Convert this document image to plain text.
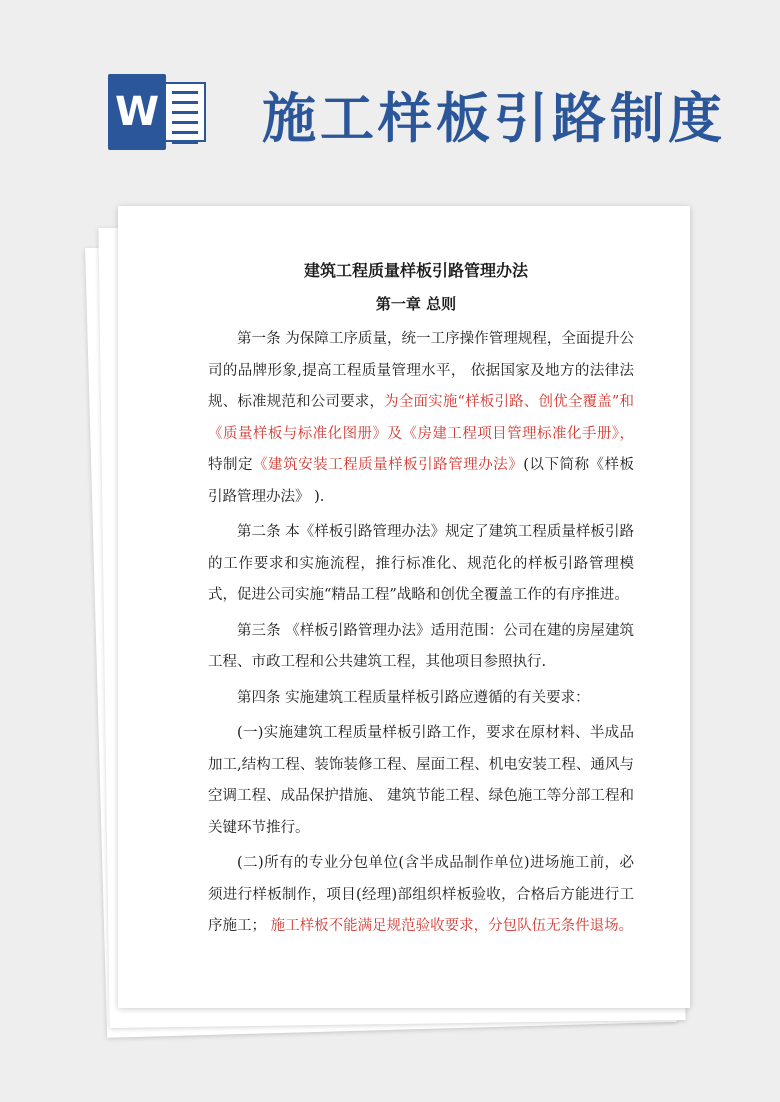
W 施工样板引路制度
建筑工程质量样板引路管理办法
第一章 总则

第一条 为保障工序质量，统一工序操作管理规程，全面提升公司的品牌形象,提高工程质量管理水平， 依据国家及地方的法律法规、标准规范和公司要求，为全面实施“样板引路、创优全覆盖”和《质量样板与标准化图册》及《房建工程项目管理标准化手册》，特制定《建筑安装工程质量样板引路管理办法》(以下简称《样板引路管理办法》 ).

第二条 本《样板引路管理办法》规定了建筑工程质量样板引路的工作要求和实施流程，推行标准化、规范化的样板引路管理模式，促进公司实施“精品工程”战略和创优全覆盖工作的有序推进。

第三条 《样板引路管理办法》适用范围：公司在建的房屋建筑工程、市政工程和公共建筑工程，其他项目参照执行.

第四条 实施建筑工程质量样板引路应遵循的有关要求：

(一)实施建筑工程质量样板引路工作，要求在原材料、半成品加工,结构工程、装饰装修工程、屋面工程、机电安装工程、通风与空调工程、成品保护措施、 建筑节能工程、绿色施工等分部工程和关键环节推行。

(二)所有的专业分包单位(含半成品制作单位)进场施工前，必须进行样板制作，项目(经理)部组织样板验收，合格后方能进行工序施工； 施工样板不能满足规范验收要求，分包队伍无条件退场。
